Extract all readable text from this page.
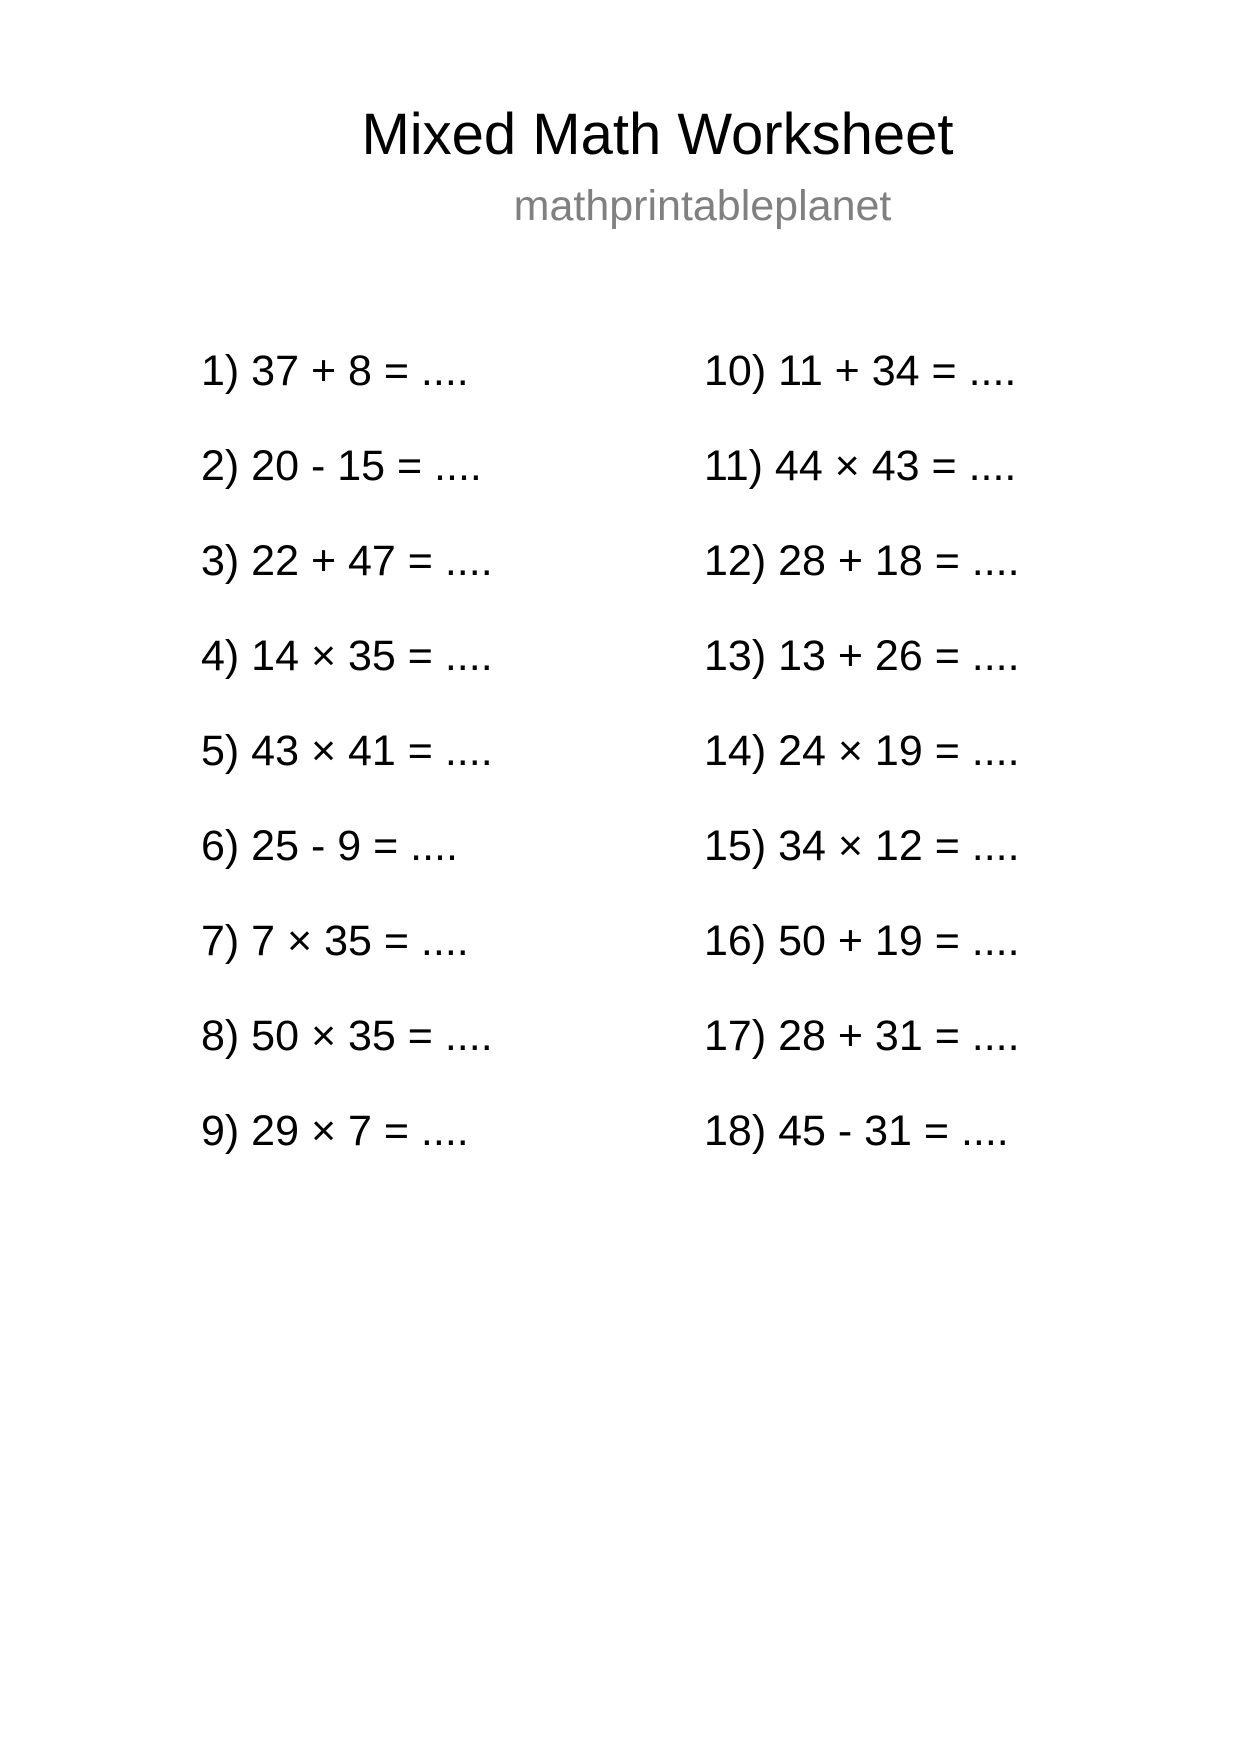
Mixed Math Worksheet
mathprintableplanet
1) 37 + 8 = ....
2) 20 - 15 = ....
3) 22 + 47 = ....
4) 14 × 35 = ....
5) 43 × 41 = ....
6) 25 - 9 = ....
7) 7 × 35 = ....
8) 50 × 35 = ....
9) 29 × 7 = ....
10) 11 + 34 = ....
11) 44 × 43 = ....
12) 28 + 18 = ....
13) 13 + 26 = ....
14) 24 × 19 = ....
15) 34 × 12 = ....
16) 50 + 19 = ....
17) 28 + 31 = ....
18) 45 - 31 = ....
